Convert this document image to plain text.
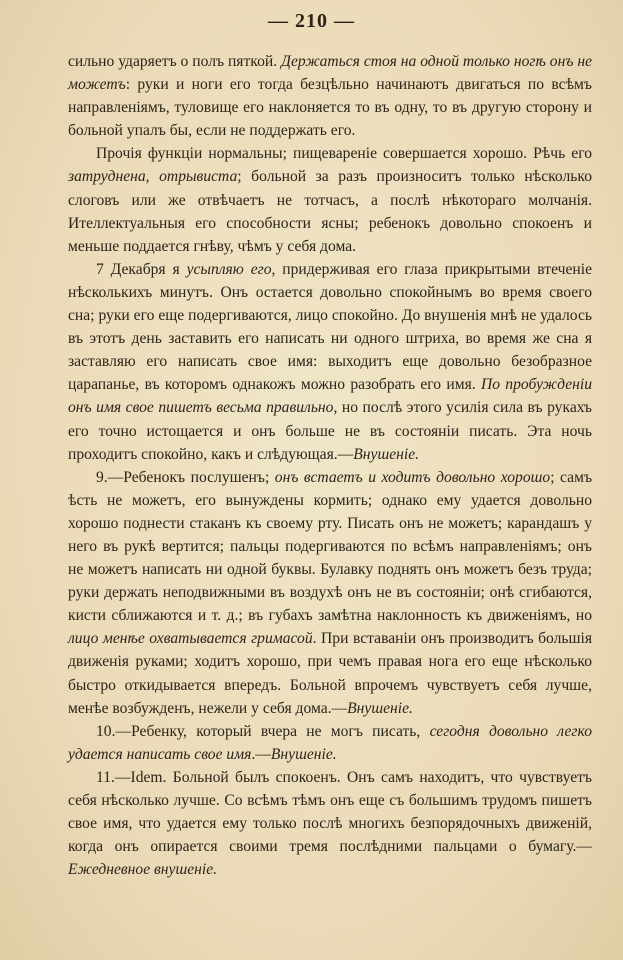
— 210 —

сильно ударяетъ о полъ пяткой. Держаться стоя на одной только ногѣ онъ не можетъ: руки и ноги его тогда безцѣльно начинаютъ двигаться по всѣмъ направленіямъ, туловище его наклоняется то въ одну, то въ другую сторону и больной упалъ бы, если не поддержать его.

Прочія функціи нормальны; пищевареніе совершается хорошо. Рѣчь его затруднена, отрывиста; больной за разъ произноситъ только нѣсколько слоговъ или же отвѣчаетъ не тотчасъ, а послѣ нѣкотораго молчанія. Ителлектуальныя его способности ясны; ребенокъ довольно спокоенъ и меньше поддается гнѣву, чѣмъ у себя дома.

7 Декабря я усыпляю его, придерживая его глаза прикрытыми втеченіе нѣсколькихъ минутъ. Онъ остается довольно спокойнымъ во время своего сна; руки его еще подергиваются, лицо спокойно. До внушенія мнѣ не удалось въ этотъ день заставить его написать ни одного штриха, во время же сна я заставляю его написать свое имя: выходитъ еще довольно безобразное царапанье, въ которомъ однакожъ можно разобрать его имя. По пробужденіи онъ имя свое пишетъ весьма правильно, но послѣ этого усилія сила въ рукахъ его точно истощается и онъ больше не въ состояніи писать. Эта ночь проходитъ спокойно, какъ и слѣдующая.—Внушеніе.

9.—Ребенокъ послушенъ; онъ встаетъ и ходитъ довольно хорошо; самъ ѣсть не можетъ, его вынуждены кормить; однако ему удается довольно хорошо поднести стаканъ къ своему рту. Писать онъ не можетъ; карандашъ у него въ рукѣ вертится; пальцы подергиваются по всѣмъ направленіямъ; онъ не можетъ написать ни одной буквы. Булавку поднять онъ можетъ безъ труда; руки держать неподвижными въ воздухѣ онъ не въ состояніи; онѣ сгибаются, кисти сближаются и т. д.; въ губахъ замѣтна наклонность къ движеніямъ, но лицо менѣе охватывается гримасой. При вставаніи онъ производитъ большія движенія руками; ходитъ хорошо, при чемъ правая нога его еще нѣсколько быстро откидывается впередъ. Больной впрочемъ чувствуетъ себя лучше, менѣе возбужденъ, нежели у себя дома.—Внушеніе.

10.—Ребенку, который вчера не могъ писать, сегодня довольно легко удается написать свое имя.—Внушеніе.

11.—Idem. Больной былъ спокоенъ. Онъ самъ находитъ, что чувствуетъ себя нѣсколько лучше. Со всѣмъ тѣмъ онъ еще съ большимъ трудомъ пишетъ свое имя, что удается ему только послѣ многихъ безпорядочныхъ движеній, когда онъ опирается своими тремя послѣдними пальцами о бумагу.—Ежедневное внушеніе.
